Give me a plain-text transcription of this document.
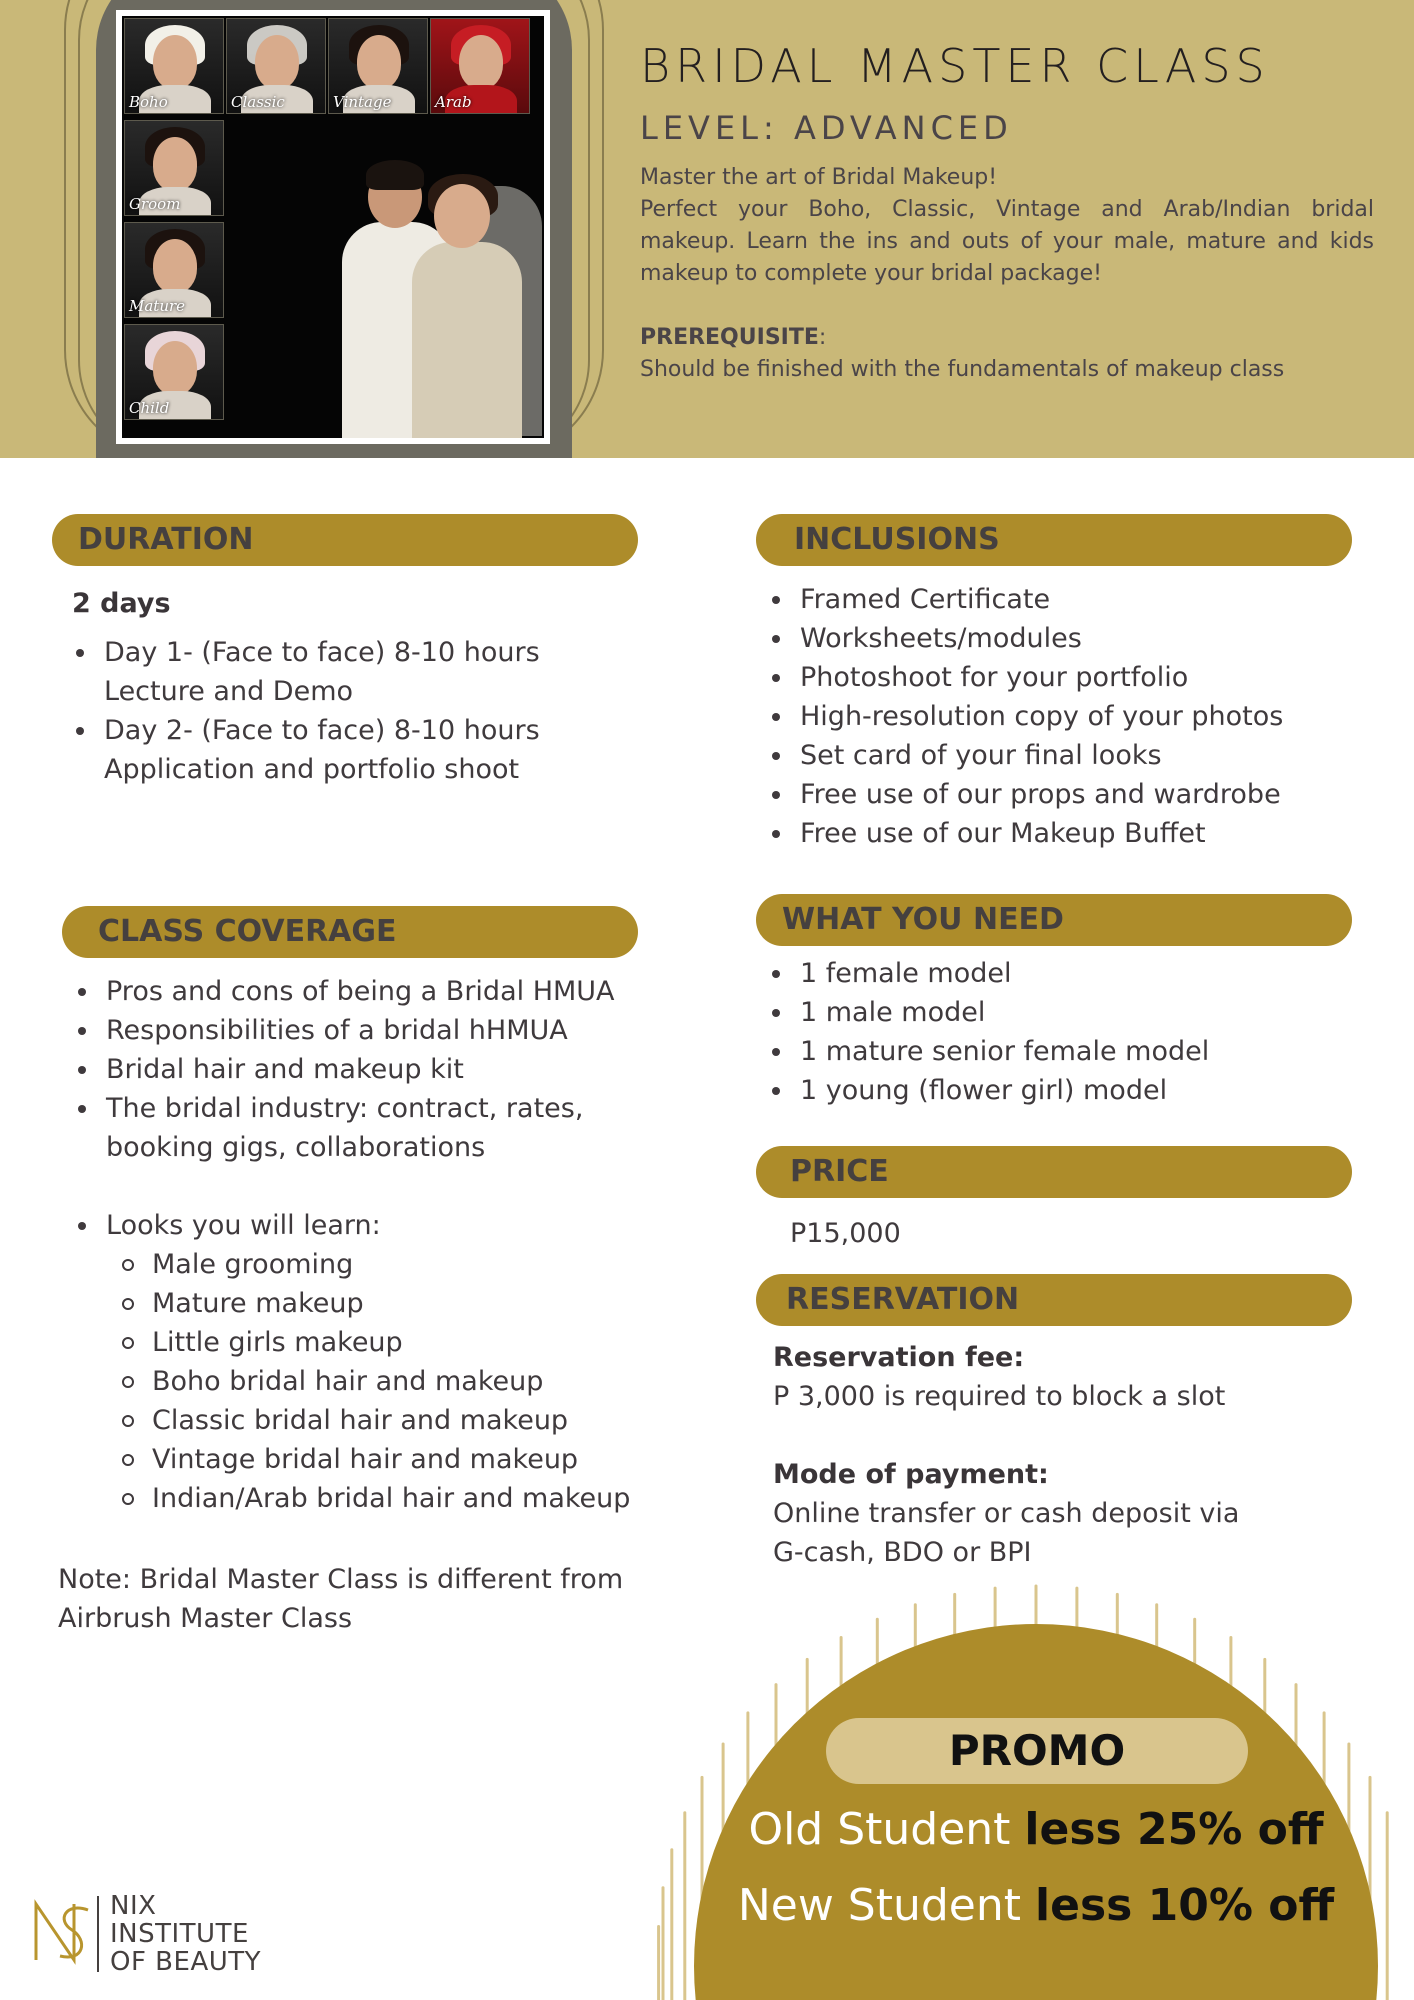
Boho	Classic	Vintage	Arab
Groom
Mature
Child
BRIDAL MASTER CLASS
LEVEL: ADVANCED
Master the art of Bridal Makeup!
Perfect your Boho, Classic, Vintage and Arab/Indian bridal makeup. Learn the ins and outs of your male, mature and kids makeup to complete your bridal package!
PREREQUISITE:
Should be finished with the fundamentals of makeup class
DURATION
2 days
Day 1- (Face to face) 8-10 hours
Lecture and Demo
Day 2- (Face to face) 8-10 hours
Application and portfolio shoot
CLASS COVERAGE
Pros and cons of being a Bridal HMUA
Responsibilities of a bridal hHMUA
Bridal hair and makeup kit
The bridal industry: contract, rates, booking gigs, collaborations
Looks you will learn:
Male grooming
Mature makeup
Little girls makeup
Boho bridal hair and makeup
Classic bridal hair and makeup
Vintage bridal hair and makeup
Indian/Arab bridal hair and makeup
Note: Bridal Master Class is different from
Airbrush Master Class
INCLUSIONS
Framed Certificate
Worksheets/modules
Photoshoot for your portfolio
High-resolution copy of your photos
Set card of your final looks
Free use of our props and wardrobe
Free use of our Makeup Buffet
WHAT YOU NEED
1 female model
1 male model
1 mature senior female model
1 young (flower girl) model
PRICE
P15,000
RESERVATION
Reservation fee:
P 3,000 is required to block a slot
Mode of payment:
Online transfer or cash deposit via
G-cash, BDO or BPI
PROMO
Old Student less 25% off
New Student less 10% off
NIX
INSTITUTE
OF BEAUTY
